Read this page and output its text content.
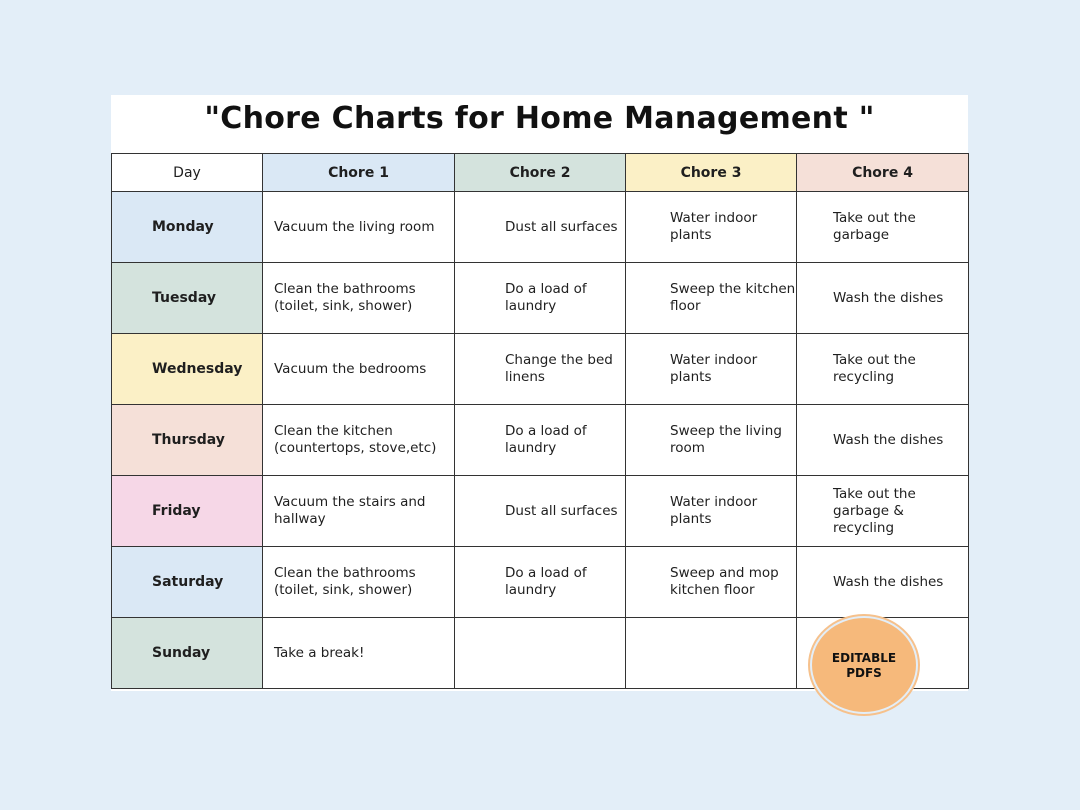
"Chore Charts for Home Management "
Day	Chore 1	Chore 2	Chore 3	Chore 4
Monday	Vacuum the living room	Dust all surfaces	Water indoor plants	Take out the garbage
Tuesday	Clean the bathrooms (toilet, sink, shower)	Do a load of laundry	Sweep the kitchen floor	Wash the dishes
Wednesday	Vacuum the bedrooms	Change the bed linens	Water indoor plants	Take out the recycling
Thursday	Clean the kitchen (countertops, stove,etc)	Do a load of laundry	Sweep the living room	Wash the dishes
Friday	Vacuum the stairs and hallway	Dust all surfaces	Water indoor plants	Take out the garbage & recycling
Saturday	Clean the bathrooms (toilet, sink, shower)	Do a load of laundry	Sweep and mop kitchen floor	Wash the dishes
Sunday	Take a break!				EDITABLE
PDFS
